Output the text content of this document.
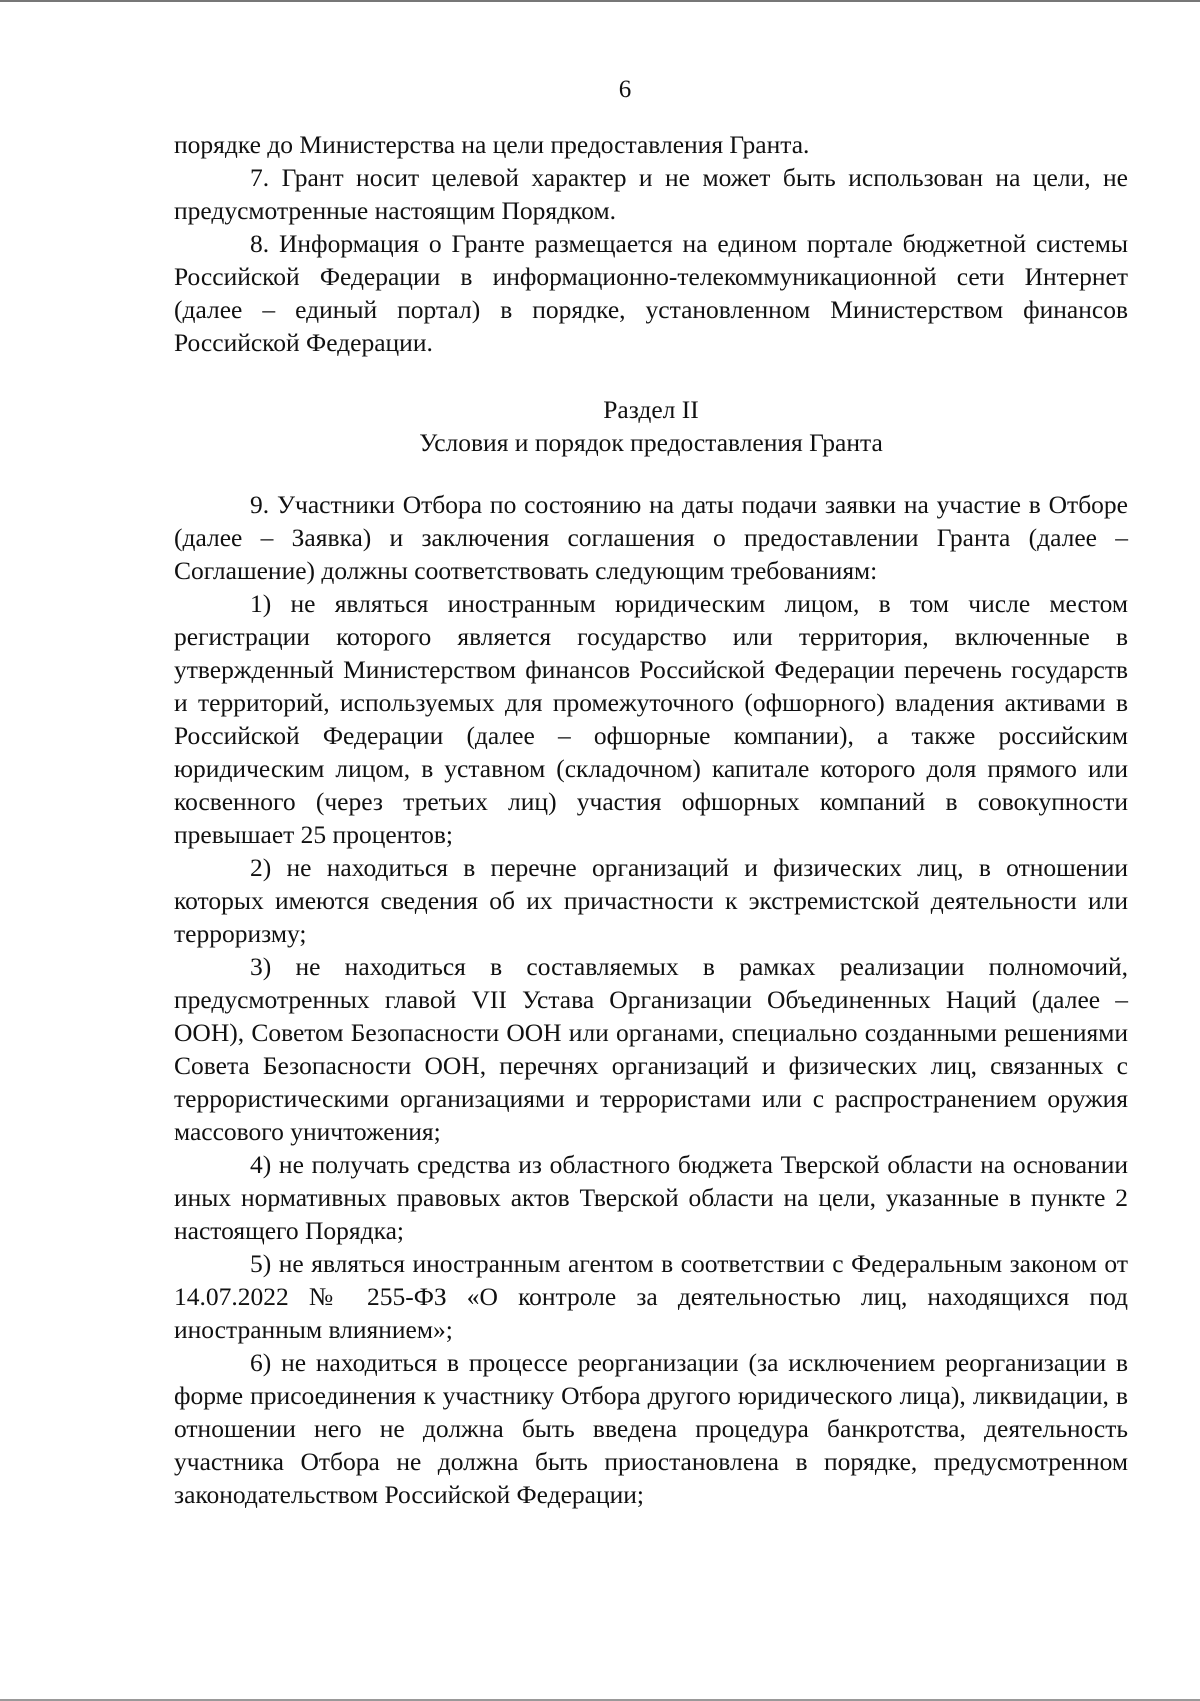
6

порядке до Министерства на цели предоставления Гранта.

7. Грант носит целевой характер и не может быть использован на цели, не предусмотренные настоящим Порядком.

8. Информация о Гранте размещается на едином портале бюджетной системы Российской Федерации в информационно-телекоммуникационной сети Интернет (далее – единый портал) в порядке, установленном Министерством финансов Российской Федерации.

Раздел II
Условия и порядок предоставления Гранта

9. Участники Отбора по состоянию на даты подачи заявки на участие в Отборе (далее – Заявка) и заключения соглашения о предоставлении Гранта (далее – Соглашение) должны соответствовать следующим требованиям:

1) не являться иностранным юридическим лицом, в том числе местом регистрации которого является государство или территория, включенные в утвержденный Министерством финансов Российской Федерации перечень государств и территорий, используемых для промежуточного (офшорного) владения активами в Российской Федерации (далее – офшорные компании), а также российским юридическим лицом, в уставном (складочном) капитале которого доля прямого или косвенного (через третьих лиц) участия офшорных компаний в совокупности превышает 25 процентов;

2) не находиться в перечне организаций и физических лиц, в отношении которых имеются сведения об их причастности к экстремистской деятельности или терроризму;

3) не находиться в составляемых в рамках реализации полномочий, предусмотренных главой VII Устава Организации Объединенных Наций (далее – ООН), Советом Безопасности ООН или органами, специально созданными решениями Совета Безопасности ООН, перечнях организаций и физических лиц, связанных с террористическими организациями и террористами или с распространением оружия массового уничтожения;

4) не получать средства из областного бюджета Тверской области на основании иных нормативных правовых актов Тверской области на цели, указанные в пункте 2 настоящего Порядка;

5) не являться иностранным агентом в соответствии с Федеральным законом от 14.07.2022 № 255-ФЗ «О контроле за деятельностью лиц, находящихся под иностранным влиянием»;

6) не находиться в процессе реорганизации (за исключением реорганизации в форме присоединения к участнику Отбора другого юридического лица), ликвидации, в отношении него не должна быть введена процедура банкротства, деятельность участника Отбора не должна быть приостановлена в порядке, предусмотренном законодательством Российской Федерации;
